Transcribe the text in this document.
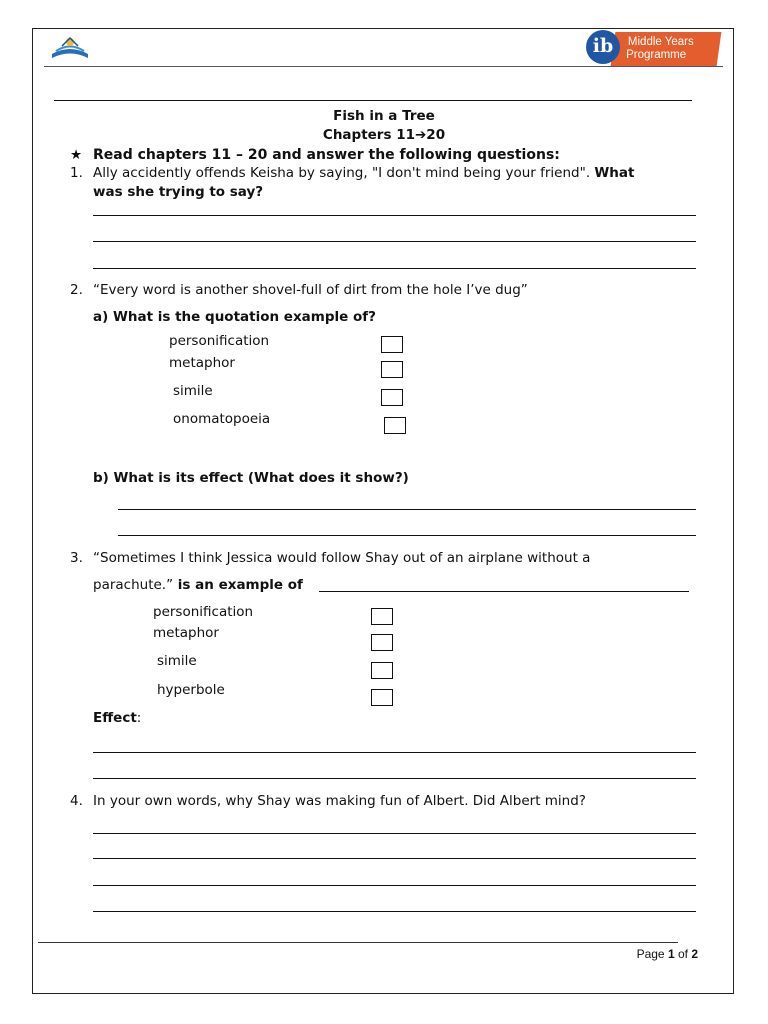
Middle Years
Programme
ib
Fish in a Tree
Chapters 11➔20
★ Read chapters 11 – 20 and answer the following questions:
1. Ally accidently offends Keisha by saying, "I don't mind being your friend". What
was she trying to say?
2. “Every word is another shovel-full of dirt from the hole I’ve dug”
a) What is the quotation example of?
personification
metaphor
simile
onomatopoeia
b) What is its effect (What does it show?)
3. “Sometimes I think Jessica would follow Shay out of an airplane without a
parachute.” is an example of
personification
metaphor
simile
hyperbole
Effect:
4. In your own words, why Shay was making fun of Albert. Did Albert mind?
Page 1 of 2
